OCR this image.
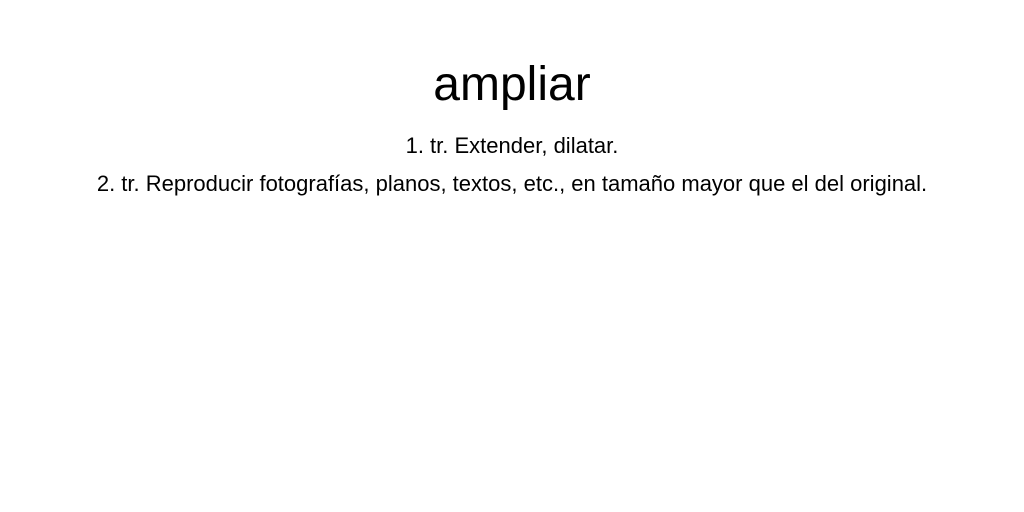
ampliar
1. tr. Extender, dilatar.
2. tr. Reproducir fotografías, planos, textos, etc., en tamaño mayor que el del original.
